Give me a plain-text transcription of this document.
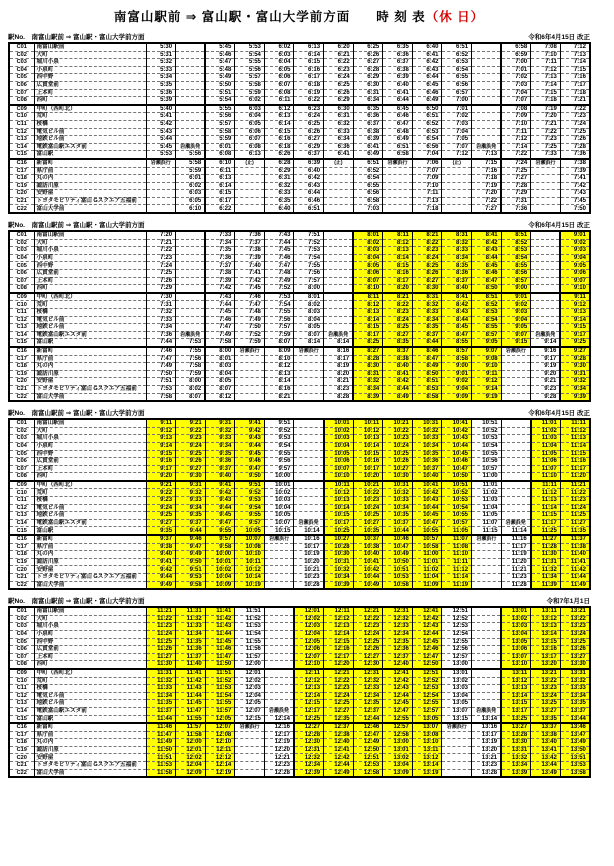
南富山駅前 ⇒ 富山駅・富山大学前方面 時 刻 表（休 日）
駅No.　南富山駅前 ⇒ 富山駅・富山大学前方面	令和6年4月15日 改正
C01	南富山駅前	5:30		5:45	5:53	6:02	6:13	6:20	6:25	6:35	6:40	6:51		6:58	7:08	7:12
C02	大町	5:31		5:46	5:54	6:03	6:14	6:21	6:26	6:36	6:41	6:52		6:59	7:10	7:13
C03	堀川小泉	5:32		5:47	5:55	6:04	6:15	6:22	6:27	6:37	6:42	6:53		7:00	7:11	7:14
C04	小泉町	5:33		5:48	5:56	6:05	6:16	6:23	6:28	6:38	6:43	6:54		7:01	7:12	7:15
C05	西中野	5:34		5:49	5:57	6:06	6:17	6:24	6:29	6:39	6:44	6:55		7:02	7:13	7:16
C06	広貫堂前	5:35		5:50	5:58	6:07	6:18	6:25	6:30	6:40	6:45	6:56		7:03	7:14	7:17
C07	上本町	5:36		5:51	5:59	6:08	6:19	6:26	6:31	6:41	6:46	6:57		7:04	7:15	7:18
C08	西町	5:39		5:54	6:02	6:11	6:22	6:29	6:34	6:44	6:49	7:00		7:07	7:18	7:21
C09	中町（西町北）	5:40		5:55	6:03	6:12	6:23	6:30	6:35	6:45	6:50	7:01		7:08	7:19	7:22
C10	荒町	5:41		5:56	6:04	6:13	6:24	6:31	6:36	6:46	6:51	7:02		7:09	7:20	7:23
C11	桜橋	5:42		5:57	6:05	6:14	6:25	6:32	6:37	6:47	6:52	7:03		7:10	7:21	7:24
C12	電気ビル前	5:43		5:58	6:06	6:15	6:26	6:33	6:38	6:48	6:53	7:04		7:11	7:22	7:25
C13	地鉄ビル前	5:44		5:59	6:07	6:16	6:27	6:34	6:39	6:49	6:54	7:05		7:12	7:23	7:26
C14	電鉄富山駅エスタ前	5:45	岩瀬浜発	6:01	6:08	6:18	6:29	6:36	6:41	6:51	6:56	7:07	岩瀬浜発	7:14	7:25	7:28
C15	富山駅	5:53	5:56	6:08	6:13	6:26	6:37	6:41	6:49	6:58	7:04	7:12	7:13	7:22	7:33	7:36
C16	新富町	岩瀬浜行	5:58	6:10	(止)	6:28	6:39	(止)	6:51	岩瀬浜行	7:06	(止)	7:15	7:24	岩瀬浜行	7:38
C17	県庁前		5:59	6:11		6:29	6:40		6:52		7:07		7:16	7:25		7:39
C18	丸の内		6:01	6:13		6:31	6:42		6:54		7:09		7:18	7:27		7:41
C19	諏訪川原		6:02	6:14		6:32	6:43		6:55		7:10		7:19	7:28		7:42
C20	安野屋		6:03	6:15		6:33	6:44		6:56		7:11		7:20	7:29		7:43
C21	トヨタモビリティ富山 Gスクエア五福前		6:05	6:17		6:35	6:46		6:58		7:13		7:22	7:31		7:45
C22	富山大学前		6:10	6:22		6:40	6:51		7:03		7:18		7:27	7:36		7:50
駅No.　南富山駅前 ⇒ 富山駅・富山大学前方面	令和6年4月15日 改正
C01	南富山駅前	7:20		7:33	7:36	7:43	7:51		8:01	8:11	8:21	8:31	8:41	8:51		9:01
C02	大町	7:21		7:34	7:37	7:44	7:52		8:02	8:12	8:22	8:32	8:42	8:52		9:02
C03	堀川小泉	7:22		7:35	7:38	7:45	7:53		8:03	8:13	8:23	8:33	8:43	8:53		9:03
C04	小泉町	7:23		7:36	7:39	7:46	7:54		8:04	8:14	8:24	8:34	8:44	8:54		9:04
C05	西中野	7:24		7:37	7:40	7:47	7:55		8:05	8:15	8:25	8:35	8:45	8:55		9:05
C06	広貫堂前	7:25		7:38	7:41	7:48	7:56		8:06	8:16	8:26	8:36	8:46	8:56		9:06
C07	上本町	7:26		7:39	7:42	7:49	7:57		8:07	8:17	8:27	8:37	8:47	8:57		9:07
C08	西町	7:29		7:42	7:45	7:52	8:00		8:10	8:20	8:30	8:40	8:50	9:00		9:10
C09	中町（西町北）	7:30		7:43	7:46	7:53	8:01		8:11	8:21	8:31	8:41	8:51	9:01		9:11
C10	荒町	7:31		7:44	7:47	7:54	8:02		8:12	8:22	8:32	8:42	8:52	9:02		9:12
C11	桜橋	7:32		7:45	7:48	7:55	8:03		8:13	8:23	8:33	8:43	8:53	9:03		9:13
C12	電気ビル前	7:33		7:46	7:49	7:56	8:04		8:14	8:24	8:34	8:44	8:54	9:04		9:14
C13	地鉄ビル前	7:34		7:47	7:50	7:57	8:05		8:15	8:25	8:35	8:45	8:55	9:05		9:15
C14	電鉄富山駅エスタ前	7:36	岩瀬浜発	7:49	7:52	7:59	8:07	岩瀬浜発	8:17	8:27	8:37	8:47	8:57	9:07	岩瀬浜発	9:17
C15	富山駅	7:44	7:53	7:58	7:59	8:07	8:14	8:14	8:25	8:35	8:44	8:55	9:05	9:15	9:14	9:25
C16	新富町	7:46	7:55	8:00	岩瀬浜行	8:09	岩瀬浜行	8:16	8:27	8:37	8:46	8:57	9:07	岩瀬浜行	9:16	9:27
C17	県庁前	7:47	7:56	8:01		8:10		8:17	8:28	8:38	8:47	8:58	9:08		9:17	9:28
C18	丸の内	7:49	7:58	8:03		8:12		8:19	8:30	8:40	8:49	9:00	9:10		9:19	9:30
C19	諏訪川原	7:50	7:59	8:04		8:13		8:20	8:31	8:41	8:50	9:01	9:11		9:20	9:31
C20	安野屋	7:51	8:00	8:05		8:14		8:21	8:32	8:42	8:51	9:02	9:12		9:21	9:32
C21	トヨタモビリティ富山 Gスクエア五福前	7:53	8:02	8:07		8:16		8:23	8:34	8:44	8:53	9:04	9:14		9:23	9:34
C22	富山大学前	7:58	8:07	8:12		8:21		8:28	8:39	8:49	8:58	9:09	9:19		9:28	9:39
駅No.　南富山駅前 ⇒ 富山駅・富山大学前方面	令和6年4月15日 改正
C01	南富山駅前	9:11	9:21	9:31	9:41	9:51		10:01	10:11	10:21	10:31	10:41	10:51		11:01	11:11
C02	大町	9:12	9:22	9:32	9:42	9:52		10:02	10:12	10:22	10:32	10:42	10:52		11:02	11:12
C03	堀川小泉	9:13	9:23	9:33	9:43	9:53		10:03	10:13	10:23	10:33	10:43	10:53		11:03	11:13
C04	小泉町	9:14	9:24	9:34	9:44	9:54		10:04	10:14	10:24	10:34	10:44	10:54		11:04	11:14
C05	西中野	9:15	9:25	9:35	9:45	9:55		10:05	10:15	10:25	10:35	10:45	10:55		11:05	11:15
C06	広貫堂前	9:16	9:26	9:36	9:46	9:56		10:06	10:16	10:26	10:36	10:46	10:56		11:06	11:16
C07	上本町	9:17	9:27	9:37	9:47	9:57		10:07	10:17	10:27	10:37	10:47	10:57		11:07	11:17
C08	西町	9:20	9:30	9:40	9:50	10:00		10:10	10:20	10:30	10:40	10:50	11:00		11:10	11:20
C09	中町（西町北）	9:21	9:31	9:41	9:51	10:01		10:11	10:21	10:31	10:41	10:51	11:01		11:11	11:21
C10	荒町	9:22	9:32	9:42	9:52	10:02		10:12	10:22	10:32	10:42	10:52	11:02		11:12	11:22
C11	桜橋	9:23	9:33	9:43	9:53	10:03		10:13	10:23	10:33	10:43	10:53	11:03		11:13	11:23
C12	電気ビル前	9:24	9:34	9:44	9:54	10:04		10:14	10:24	10:34	10:44	10:54	11:04		11:14	11:24
C13	地鉄ビル前	9:25	9:35	9:45	9:55	10:05		10:15	10:25	10:35	10:45	10:55	11:05		11:15	11:25
C14	電鉄富山駅エスタ前	9:27	9:37	9:47	9:57	10:07	岩瀬浜発	10:17	10:27	10:37	10:47	10:57	11:07	岩瀬浜発	11:17	11:27
C15	富山駅	9:35	9:44	9:55	10:05	10:15	10:14	10:25	10:35	10:44	10:55	11:05	11:15	11:14	11:25	11:35
C16	新富町	9:37	9:46	9:57	10:07	岩瀬浜行	10:16	10:27	10:37	10:46	10:57	11:07	岩瀬浜行	11:16	11:27	11:37
C17	県庁前	9:38	9:47	9:58	10:08		10:17	10:28	10:38	10:47	10:58	11:08		11:17	11:28	11:38
C18	丸の内	9:40	9:49	10:00	10:10		10:19	10:30	10:40	10:49	11:00	11:10		11:19	11:30	11:40
C19	諏訪川原	9:41	9:50	10:01	10:11		10:20	10:31	10:41	10:50	11:01	11:11		11:20	11:31	11:41
C20	安野屋	9:42	9:51	10:02	10:12		10:21	10:32	10:42	10:51	11:02	11:12		11:21	11:32	11:42
C21	トヨタモビリティ富山 Gスクエア五福前	9:44	9:53	10:04	10:14		10:23	10:34	10:44	10:53	11:04	11:14		11:23	11:34	11:44
C22	富山大学前	9:49	9:58	10:09	10:19		10:28	10:39	10:49	10:58	11:09	11:19		11:28	11:39	11:49
駅No.　南富山駅前 ⇒ 富山駅・富山大学前方面	令和7年1月1日
C01	南富山駅前	11:21	11:31	11:41	11:51		12:01	12:11	12:21	12:31	12:41	12:51		13:01	13:11	13:21
C02	大町	11:22	11:32	11:42	11:52		12:02	12:12	12:22	12:32	12:42	12:52		13:02	13:12	13:22
C03	堀川小泉	11:23	11:33	11:43	11:53		12:03	12:13	12:23	12:33	12:43	12:53		13:03	13:13	13:23
C04	小泉町	11:24	11:34	11:44	11:54		12:04	12:14	12:24	12:34	12:44	12:54		13:04	13:14	13:24
C05	西中野	11:25	11:35	11:45	11:55		12:05	12:15	12:25	12:35	12:45	12:55		13:05	13:15	13:25
C06	広貫堂前	11:26	11:36	11:46	11:56		12:06	12:16	12:26	12:36	12:46	12:56		13:06	13:16	13:26
C07	上本町	11:27	11:37	11:47	11:57		12:07	12:17	12:27	12:37	12:47	12:57		13:07	13:17	13:27
C08	西町	11:30	11:40	11:50	12:00		12:10	12:20	12:30	12:40	12:50	13:00		13:10	13:20	13:30
C09	中町（西町北）	11:31	11:41	11:51	12:01		12:11	12:21	12:31	12:41	12:51	13:01		13:11	13:21	13:31
C10	荒町	11:32	11:42	11:52	12:02		12:12	12:22	12:32	12:42	12:52	13:02		13:12	13:22	13:32
C11	桜橋	11:33	11:43	11:53	12:03		12:13	12:23	12:33	12:43	12:53	13:03		13:13	13:23	13:33
C12	電気ビル前	11:34	11:44	11:54	12:04		12:14	12:24	12:34	12:44	12:54	13:04		13:14	13:24	13:34
C13	地鉄ビル前	11:35	11:45	11:55	12:05		12:15	12:25	12:35	12:45	12:55	13:05		13:15	13:25	13:35
C14	電鉄富山駅エスタ前	11:37	11:47	11:57	12:07	岩瀬浜発	12:17	12:27	12:37	12:47	12:57	13:07	岩瀬浜発	13:17	13:27	13:37
C15	富山駅	11:44	11:55	12:05	12:15	12:14	12:25	12:35	12:44	12:55	13:05	13:15	13:14	13:25	13:35	13:44
C16	新富町	11:46	11:57	12:07	岩瀬浜行	12:16	12:27	12:37	12:46	12:57	13:07	岩瀬浜行	13:16	13:27	13:37	13:46
C17	県庁前	11:47	11:58	12:08		12:17	12:28	12:38	12:47	12:58	13:08		13:17	13:28	13:38	13:47
C18	丸の内	11:49	12:00	12:10		12:19	12:30	12:40	12:49	13:00	13:10		13:19	13:30	13:40	13:49
C19	諏訪川原	11:50	12:01	12:11		12:20	12:31	12:41	12:50	13:01	13:11		13:20	13:31	13:41	13:50
C20	安野屋	11:51	12:02	12:12		12:21	12:32	12:42	12:51	13:02	13:12		13:21	13:32	13:42	13:51
C21	トヨタモビリティ富山 Gスクエア五福前	11:53	12:04	12:14		12:23	12:34	12:44	12:53	13:04	13:14		13:23	13:34	13:44	13:53
C22	富山大学前	11:58	12:09	12:19		12:28	12:39	12:49	12:58	13:09	13:19		13:28	13:39	13:49	13:58
